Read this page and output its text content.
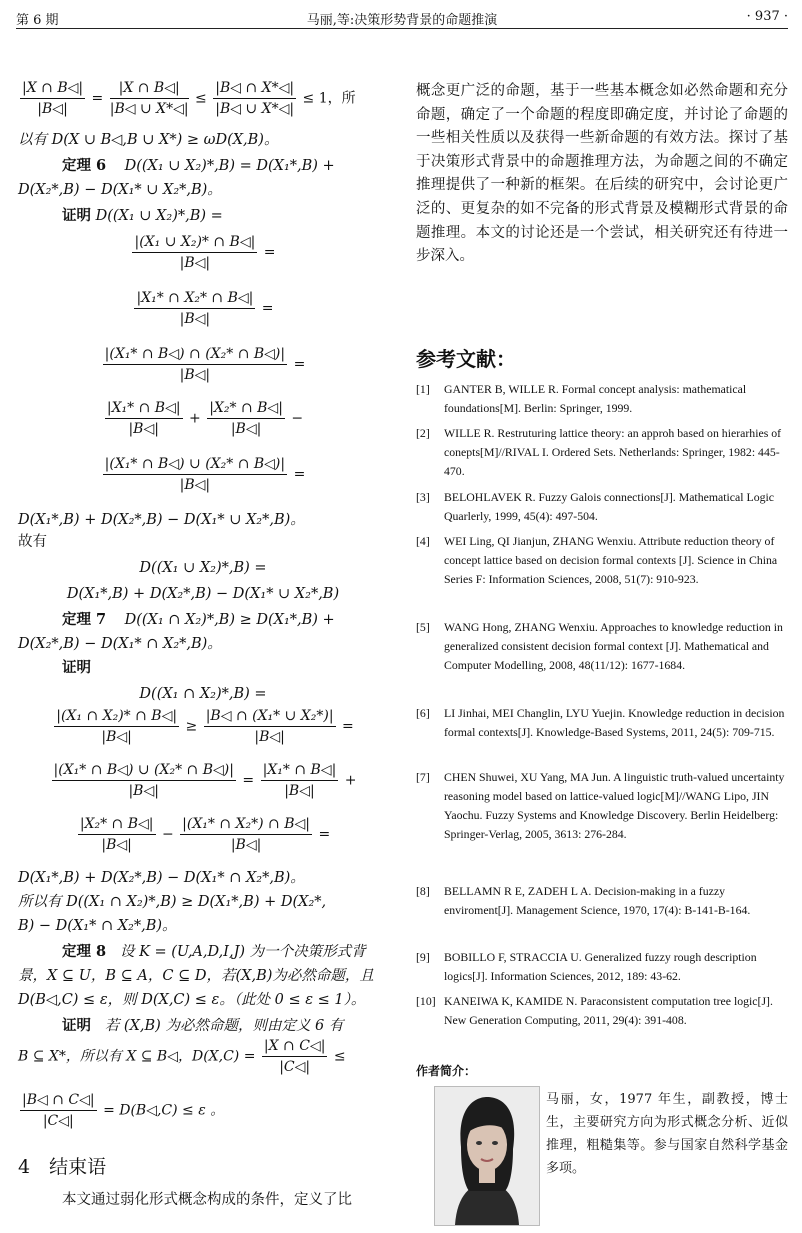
第 6 期	马丽,等:决策形势背景的命题推演	· 937 ·
$\frac{|X \cap B◁|}{|B◁|} = \frac{|X \cap B◁|}{|B◁ \cup X*◁|} \le \frac{|B◁ \cap X*◁|}{|B◁ \cup X*◁|} \le 1$，所
以有 D(X ∪ B◁,B ∪ X*) ≥ ωD(X,B)。
定理 6 D((X₁ ∪ X₂)*,B) = D(X₁*,B) +
D(X₂*,B) − D(X₁* ∪ X₂*,B)。
证明 D((X₁ ∪ X₂)*,B) =
$\frac{\text{|(X₁ ∪ X₂)* ∩ B◁|}}{|B◁|}$ =
$\frac{\text{|X₁* ∩ X₂* ∩ B◁|}}{|B◁|}$ =
$\frac{\text{|(X₁* ∩ B◁) ∩ (X₂* ∩ B◁)|}}{|B◁|}$ =
$\frac{\text{|X₁* ∩ B◁|}}{|B◁|} + \frac{\text{|X₂* ∩ B◁|}}{|B◁|}$ −
$\frac{\text{|(X₁* ∩ B◁) ∪ (X₂* ∩ B◁)|}}{|B◁|}$ =
D(X₁*,B) + D(X₂*,B) − D(X₁* ∪ X₂*,B)。
故有
D((X₁ ∪ X₂)*,B) =
D(X₁*,B) + D(X₂*,B) − D(X₁* ∪ X₂*,B)
定理 7 D((X₁ ∩ X₂)*,B) ≥ D(X₁*,B) +
D(X₂*,B) − D(X₁* ∩ X₂*,B)。
证明
D((X₁ ∩ X₂)*,B) =
$\frac{\text{|(X₁ ∩ X₂)* ∩ B◁|}}{|B◁|} \ge \frac{\text{|B◁ ∩ (X₁* ∪ X₂*)|}}{|B◁|}$ =
$\frac{\text{|(X₁* ∩ B◁) ∪ (X₂* ∩ B◁)|}}{|B◁|} = \frac{\text{|X₁* ∩ B◁|}}{|B◁|}$ +
$\frac{\text{|X₂* ∩ B◁|}}{|B◁|} - \frac{\text{|(X₁* ∩ X₂*) ∩ B◁|}}{|B◁|}$ =
D(X₁*,B) + D(X₂*,B) − D(X₁* ∩ X₂*,B)。
所以有 D((X₁ ∩ X₂)*,B) ≥ D(X₁*,B) + D(X₂*,
B) − D(X₁* ∩ X₂*,B)。
定理 8 设 K = (U,A,D,I,J) 为一个决策形式背
景，X ⊆ U，B ⊆ A，C ⊆ D，若(X,B)为必然命题，且
D(B◁,C) ≤ ε，则 D(X,C) ≤ ε。（此处 0 ≤ ε ≤ 1）。
证明 若 (X,B) 为必然命题，则由定义 6 有
B ⊆ X*，所以有 X ⊆ B◁，$D(X,C) = \frac{|X \cap C◁|}{|C◁|}$ ≤
$\frac{|B◁ \cap C◁|}{|C◁|}$ = D(B◁,C) ≤ ε 。
4　结束语
本文通过弱化形式概念构成的条件，定义了比
概念更广泛的命题，基于一些基本概念如必然命题和充分命题，确定了一个命题的程度即确定度，并讨论了命题的一些相关性质以及获得一些新命题的有效方法。探讨了基于决策形式背景中的命题推理方法，为命题之间的不确定推理提供了一种新的框架。在后续的研究中，会讨论更广泛的、更复杂的如不完备的形式背景及模糊形式背景的命题推理。本文的讨论还是一个尝试，相关研究还有待进一步深入。
参考文献：
[1]	GANTER B, WILLE R. Formal concept analysis: mathematical foundations[M]. Berlin: Springer, 1999.
[2]	WILLE R. Restruturing lattice theory: an approh based on hierarhies of conepts[M]//RIVAL I. Ordered Sets. Netherlands: Springer, 1982: 445-470.
[3]	BELOHLAVEK R. Fuzzy Galois connections[J]. Mathematical Logic Quarlerly, 1999, 45(4): 497-504.
[4]	WEI Ling, QI Jianjun, ZHANG Wenxiu. Attribute reduction theory of concept lattice based on decision formal contexts [J]. Science in China Series F: Information Sciences, 2008, 51(7): 910-923.
[5]	WANG Hong, ZHANG Wenxiu. Approaches to knowledge reduction in generalized consistent decision formal context [J]. Mathematical and Computer Modelling, 2008, 48(11/12): 1677-1684.
[6]	LI Jinhai, MEI Changlin, LYU Yuejin. Knowledge reduction in decision formal contexts[J]. Knowledge-Based Systems, 2011, 24(5): 709-715.
[7]	CHEN Shuwei, XU Yang, MA Jun. A linguistic truth-valued uncertainty reasoning model based on lattice-valued logic[M]//WANG Lipo, JIN Yaochu. Fuzzy Systems and Knowledge Discovery. Berlin Heidelberg: Springer-Verlag, 2005, 3613: 276-284.
[8]	BELLAMN R E, ZADEH L A. Decision-making in a fuzzy enviroment[J]. Management Science, 1970, 17(4): B-141-B-164.
[9]	BOBILLO F, STRACCIA U. Generalized fuzzy rough description logics[J]. Information Sciences, 2012, 189: 43-62.
[10] KANEIWA K, KAMIDE N. Paraconsistent computation tree logic[J]. New Generation Computing, 2011, 29(4): 391-408.
作者简介：
马丽，女，1977 年生，副教授，博士生，主要研究方向为形式概念分析、近似推理，粗糙集等。参与国家自然科学基金多项。
